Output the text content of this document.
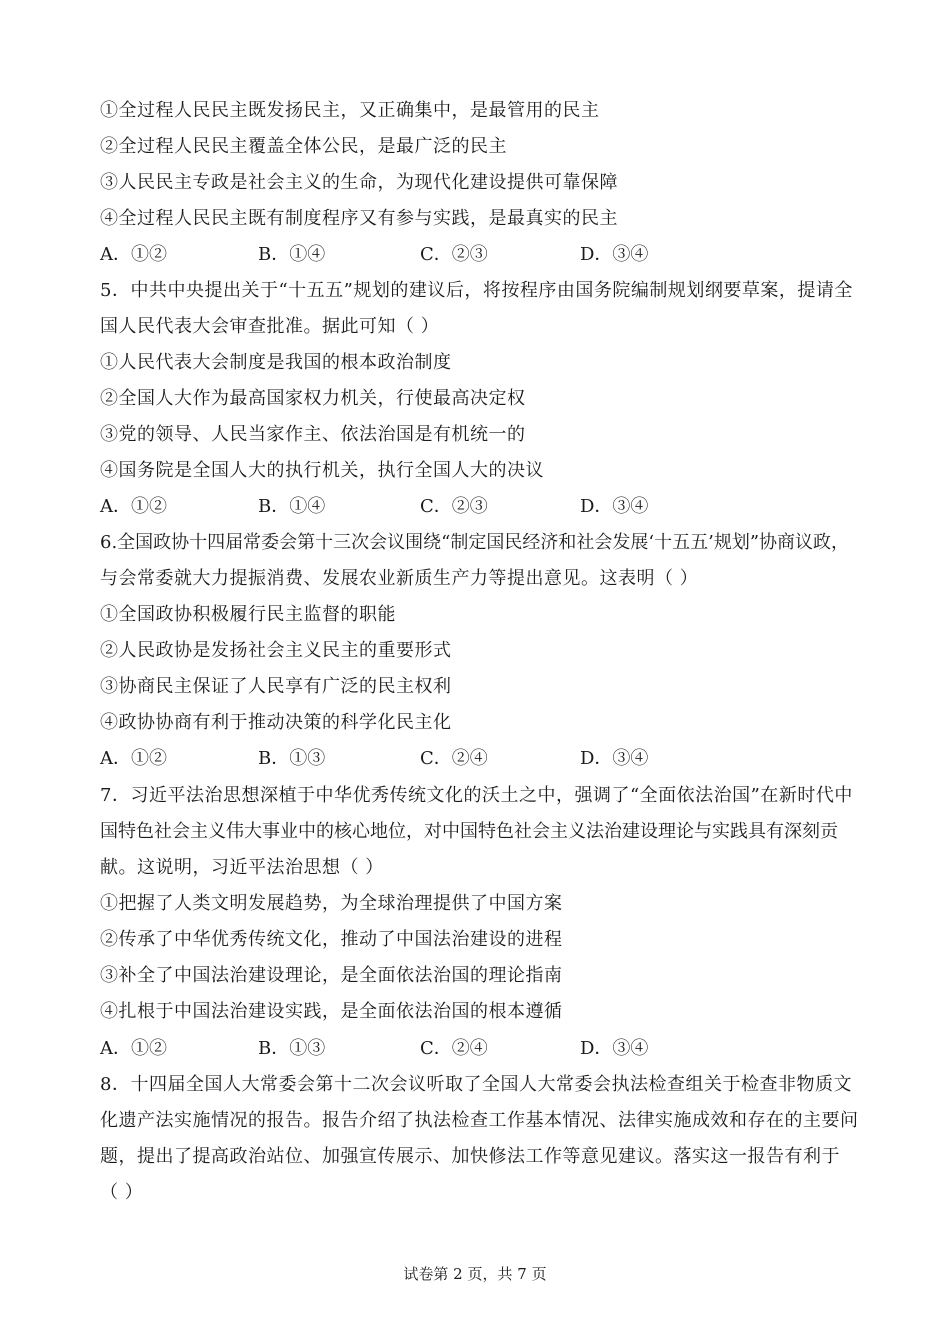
①全过程人民民主既发扬民主，又正确集中，是最管用的民主
②全过程人民民主覆盖全体公民，是最广泛的民主
③人民民主专政是社会主义的生命，为现代化建设提供可靠保障
④全过程人民民主既有制度程序又有参与实践，是最真实的民主
A．①②	B．①④	C．②③	D．③④
5．中共中央提出关于“十五五”规划的建议后，将按程序由国务院编制规划纲要草案，提请全
国人民代表大会审查批准。据此可知（ ）
①人民代表大会制度是我国的根本政治制度
②全国人大作为最高国家权力机关，行使最高决定权
③党的领导、人民当家作主、依法治国是有机统一的
④国务院是全国人大的执行机关，执行全国人大的决议
A．①②	B．①④	C．②③	D．③④
6.全国政协十四届常委会第十三次会议围绕“制定国民经济和社会发展‘十五五’规划”协商议政，
与会常委就大力提振消费、发展农业新质生产力等提出意见。这表明（ ）
①全国政协积极履行民主监督的职能
②人民政协是发扬社会主义民主的重要形式
③协商民主保证了人民享有广泛的民主权利
④政协协商有利于推动决策的科学化民主化
A．①②	B．①③	C．②④	D．③④
7．习近平法治思想深植于中华优秀传统文化的沃土之中，强调了“全面依法治国”在新时代中
国特色社会主义伟大事业中的核心地位，对中国特色社会主义法治建设理论与实践具有深刻贡
献。这说明，习近平法治思想（ ）
①把握了人类文明发展趋势，为全球治理提供了中国方案
②传承了中华优秀传统文化，推动了中国法治建设的进程
③补全了中国法治建设理论，是全面依法治国的理论指南
④扎根于中国法治建设实践，是全面依法治国的根本遵循
A．①②	B．①③	C．②④	D．③④
8．十四届全国人大常委会第十二次会议听取了全国人大常委会执法检查组关于检查非物质文
化遗产法实施情况的报告。报告介绍了执法检查工作基本情况、法律实施成效和存在的主要问
题，提出了提高政治站位、加强宣传展示、加快修法工作等意见建议。落实这一报告有利于
（ ）
试卷第 2 页，共 7 页
